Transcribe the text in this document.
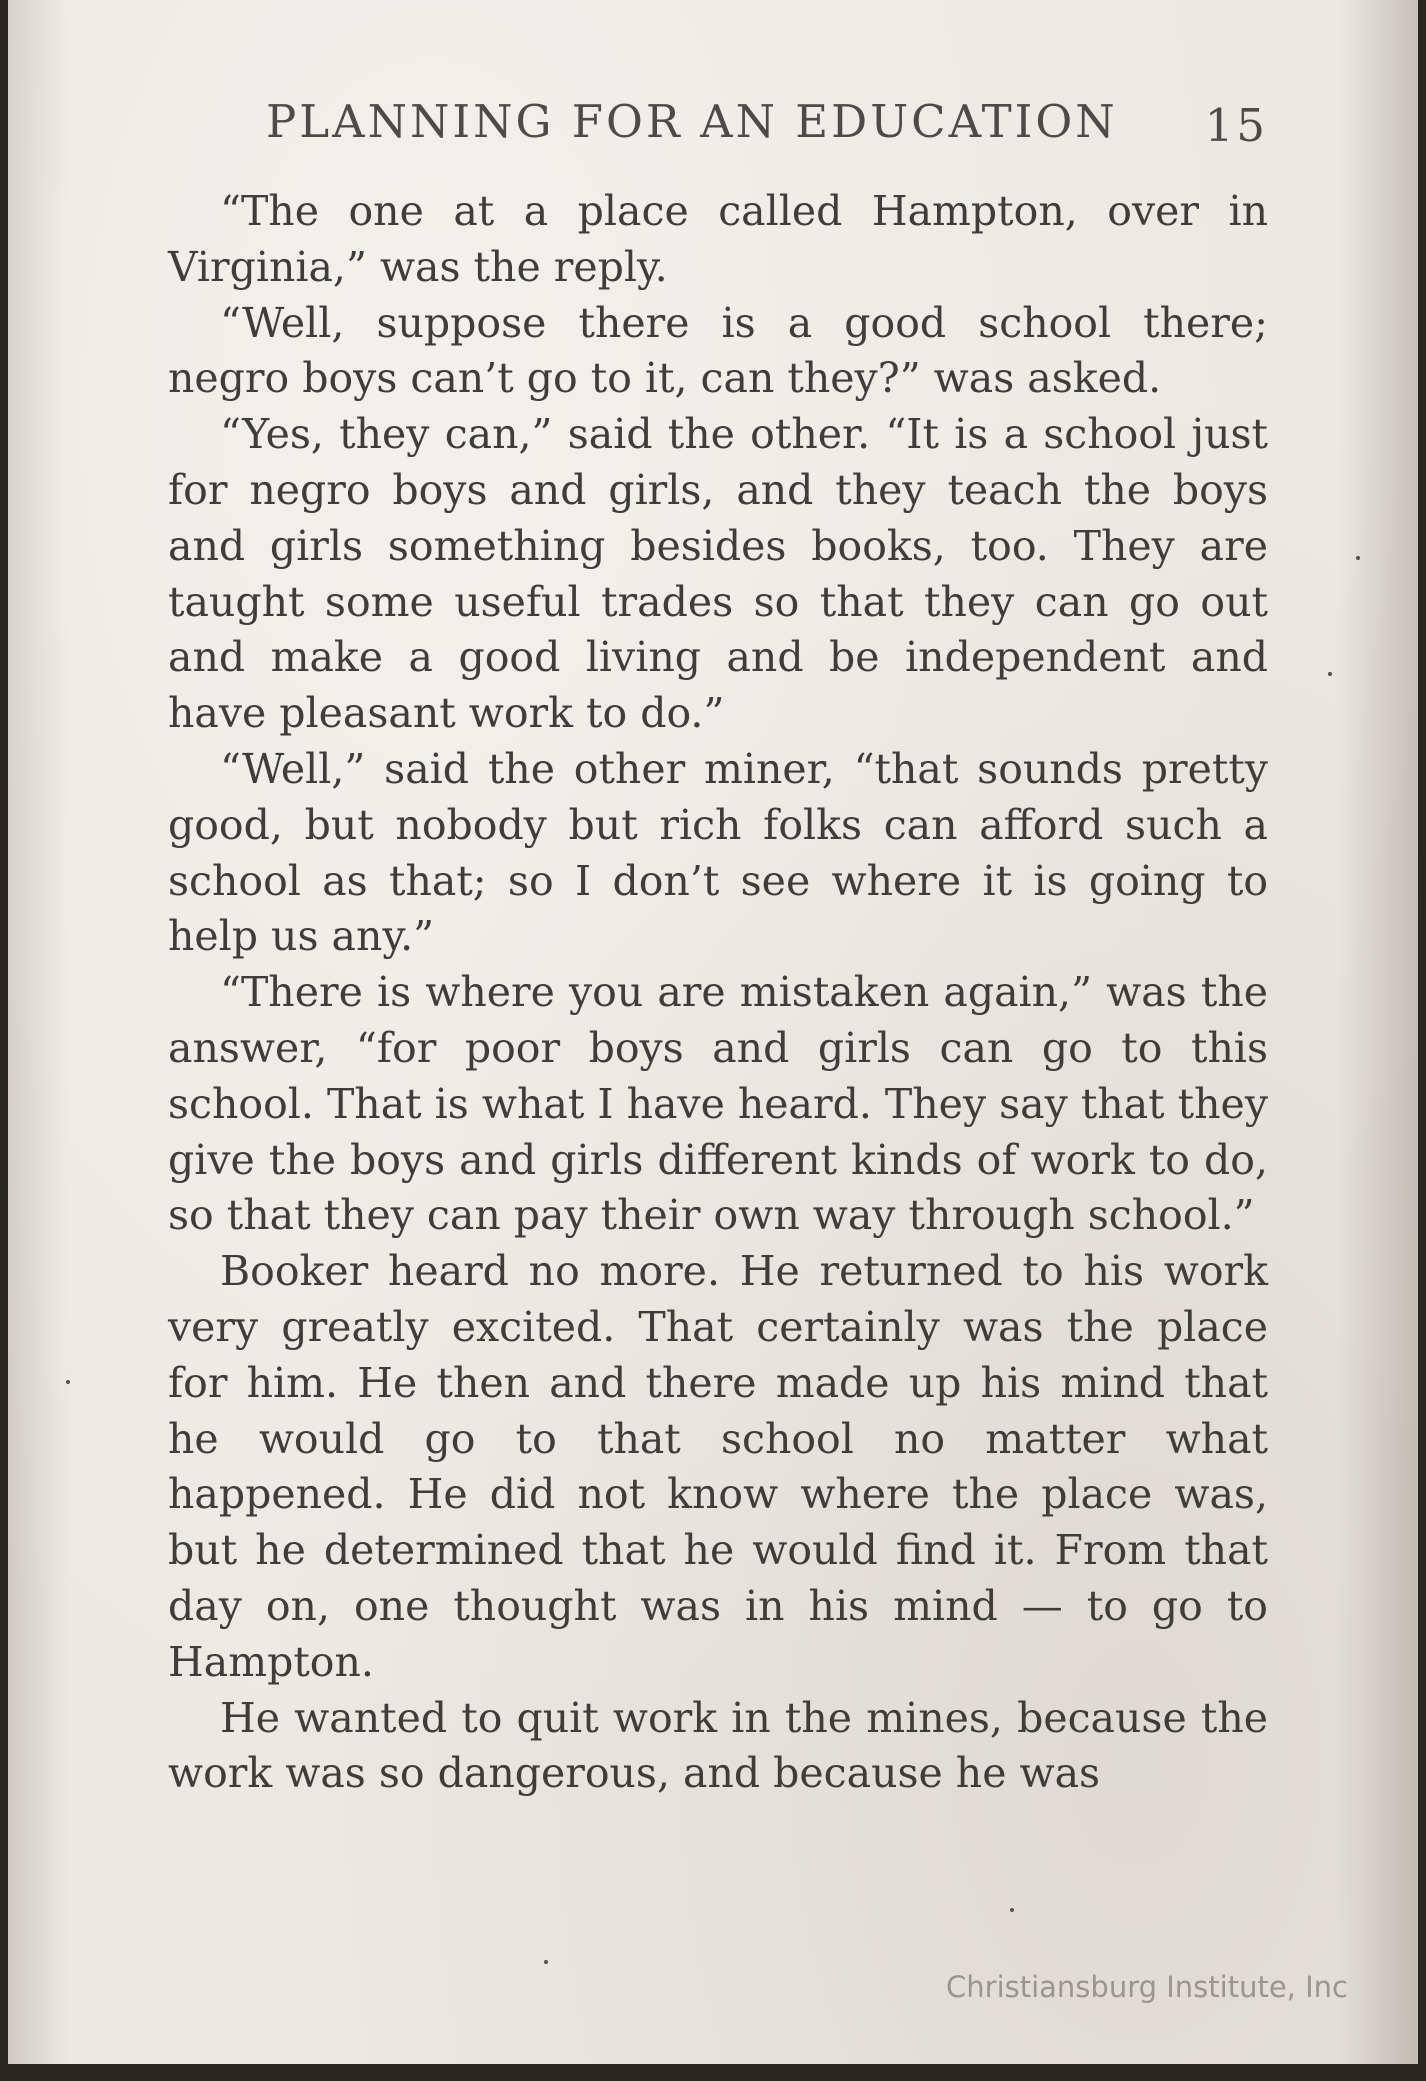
PLANNING FOR AN EDUCATION 15

“The one at a place called Hampton, over in Virginia,” was the reply.

“Well, suppose there is a good school there; negro boys can’t go to it, can they?” was asked.

“Yes, they can,” said the other. “It is a school just for negro boys and girls, and they teach the boys and girls something besides books, too. They are taught some useful trades so that they can go out and make a good living and be independent and have pleasant work to do.”

“Well,” said the other miner, “that sounds pretty good, but nobody but rich folks can afford such a school as that; so I don’t see where it is going to help us any.”

“There is where you are mistaken again,” was the answer, “for poor boys and girls can go to this school. That is what I have heard. They say that they give the boys and girls different kinds of work to do, so that they can pay their own way through school.”

Booker heard no more. He returned to his work very greatly excited. That certainly was the place for him. He then and there made up his mind that he would go to that school no matter what happened. He did not know where the place was, but he determined that he would find it. From that day on, one thought was in his mind — to go to Hampton.

He wanted to quit work in the mines, because the work was so dangerous, and because he was

Christiansburg Institute, Inc
